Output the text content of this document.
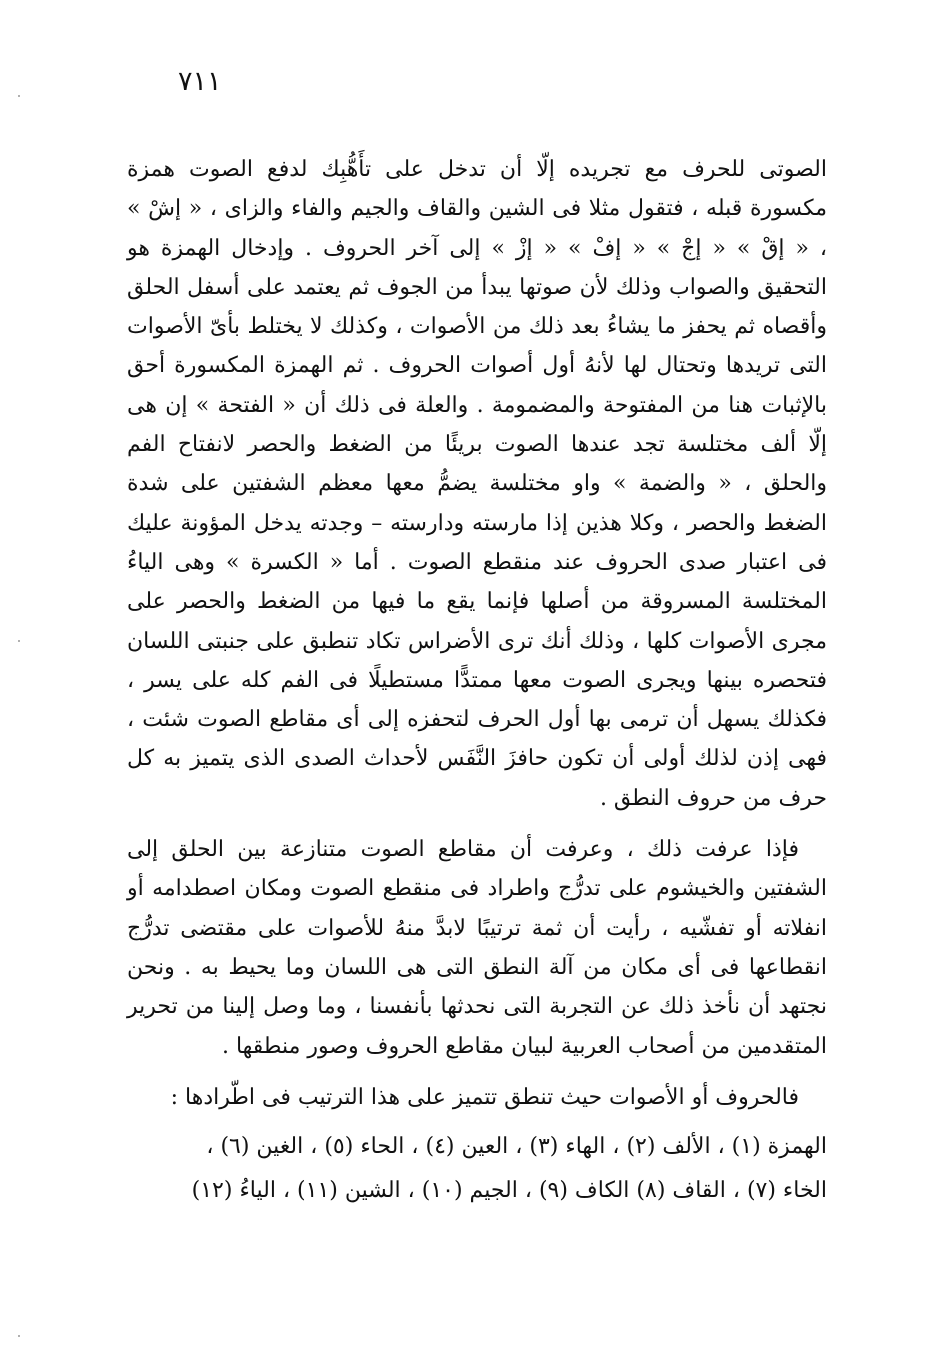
٧١١

الصوتى للحرف مع تجريده إلّا أن تدخل على تأَهُّبِك لدفع الصوت همزة مكسورة قبله ، فتقول مثلا فى الشين والقاف والجيم والفاء والزاى ، « إشْ » ، « إقْ » « إجْ » « إفْ » « إزْ » إلى آخر الحروف . وإدخال الهمزة هو التحقيق والصواب وذلك لأن صوتها يبدأ من الجوف ثم يعتمد على أسفل الحلق وأقصاه ثم يحفز ما يشاءُ بعد ذلك من الأصوات ، وكذلك لا يختلط بأىّ الأصوات التى تريدها وتحتال لها لأنهُ أول أصوات الحروف . ثم الهمزة المكسورة أحق بالإثبات هنا من المفتوحة والمضمومة . والعلة فى ذلك أن « الفتحة » إن هى إلّا ألف مختلسة تجد عندها الصوت بريئًا من الضغط والحصر لانفتاح الفم والحلق ، « والضمة » واو مختلسة يضمُّ معها معظم الشفتين على شدة الضغط والحصر ، وكلا هذين إذا مارسته ودارسته – وجدته يدخل المؤونة عليك فى اعتبار صدى الحروف عند منقطع الصوت . أما « الكسرة » وهى الياءُ المختلسة المسروقة من أصلها فإنما يقع ما فيها من الضغط والحصر على مجرى الأصوات كلها ، وذلك أنك ترى الأضراس تكاد تنطبق على جنبتى اللسان فتحصره بينها ويجرى الصوت معها ممتدًّا مستطيلًا فى الفم كله على يسر ، فكذلك يسهل أن ترمى بها أول الحرف لتحفزه إلى أى مقاطع الصوت شئت ، فهى إذن لذلك أولى أن تكون حافزَ النَّفَس لأحداث الصدى الذى يتميز به كل حرف من حروف النطق .

فإذا عرفت ذلك ، وعرفت أن مقاطع الصوت متنازعة بين الحلق إلى الشفتين والخيشوم على تدرُّج واطراد فى منقطع الصوت ومكان اصطدامه أو انفلاته أو تفشّيه ، رأيت أن ثمة ترتيبًا لابدَّ منهُ للأصوات على مقتضى تدرُّج انقطاعها فى أى مكان من آلة النطق التى هى اللسان وما يحيط به . ونحن نجتهد أن نأخذ ذلك عن التجربة التى نحدثها بأنفسنا ، وما وصل إلينا من تحرير المتقدمين من أصحاب العربية لبيان مقاطع الحروف وصور منطقها .

فالحروف أو الأصوات حيث تنطق تتميز على هذا الترتيب فى اطّرادها :

الهمزة (١) ، الألف (٢) ، الهاء (٣) ، العين (٤) ، الحاء (٥) ، الغين (٦) ،
الخاء (٧) ، القاف (٨) الكاف (٩) ، الجيم (١٠) ، الشين (١١) ، الياءُ (١٢)
